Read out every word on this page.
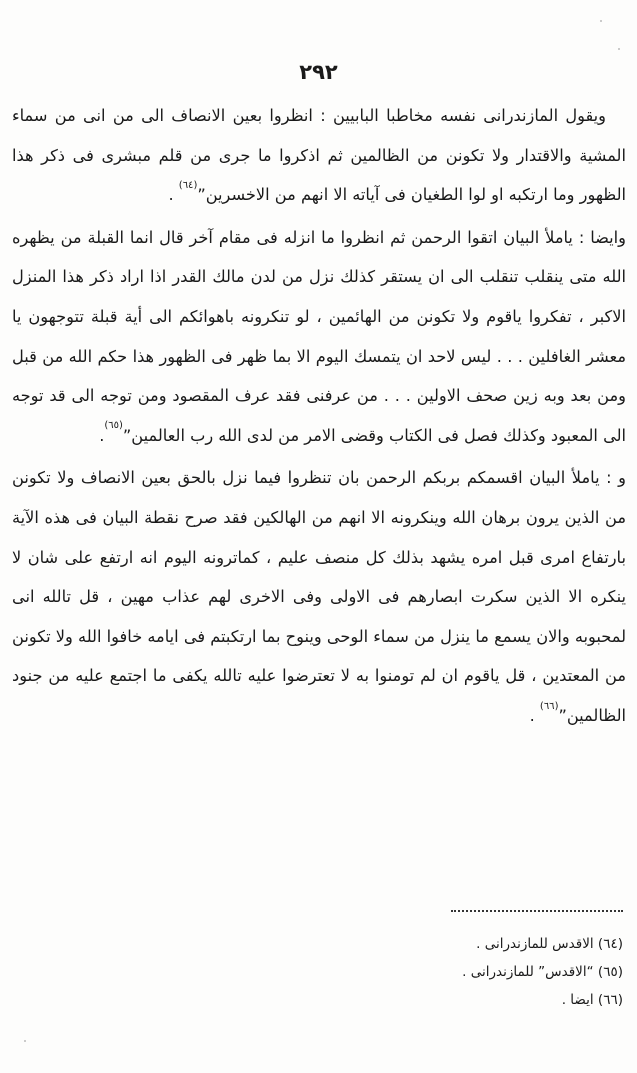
٢٩٢

ويقول المازندرانى نفسه مخاطبا البابيين : انظروا بعين الانصاف الى من انى من سماء المشية والاقتدار ولا تكونن من الظالمين ثم اذكروا ما جرى من قلم مبشرى فى ذكر هذا الظهور وما ارتكبه او لوا الطغيان فى آياته الا انهم من الاخسرين”$^{(٦٤)}$ .

وايضا : ياملأ البيان اتقوا الرحمن ثم انظروا ما انزله فى مقام آخر قال انما القبلة من يظهره الله متى ينقلب تنقلب الى ان يستقر كذلك نزل من لدن مالك القدر اذا اراد ذكر هذا المنزل الاكبر ، تفكروا ياقوم ولا تكونن من الهائمين ، لو تنكرونه باهوائكم الى أية قبلة تتوجهون يا معشر الغافلين . . . ليس لاحد ان يتمسك اليوم الا بما ظهر فى الظهور هذا حكم الله من قبل ومن بعد وبه زين صحف الاولين . . . من عرفنى فقد عرف المقصود ومن توجه الى قد توجه الى المعبود وكذلك فصل فى الكتاب وقضى الامر من لدى الله رب العالمين”$^{(٦٥)}$.

و : ياملأ البيان اقسمكم بربكم الرحمن بان تنظروا فيما نزل بالحق بعين الانصاف ولا تكونن من الذين يرون برهان الله وينكرونه الا انهم من الهالكين فقد صرح نقطة البيان فى هذه الآية بارتفاع امرى قبل امره يشهد بذلك كل منصف عليم ، كماترونه اليوم انه ارتفع على شان لا ينكره الا الذين سكرت ابصارهم فى الاولى وفى الاخرى لهم عذاب مهين ، قل تالله انى لمحبوبه والان يسمع ما ينزل من سماء الوحى وينوح بما ارتكبتم فى ايامه خافوا الله ولا تكونن من المعتدين ، قل ياقوم ان لم تومنوا به لا تعترضوا عليه تالله يكفى ما اجتمع عليه من جنود الظالمين”$^{(٦٦)}$ .

(٦٤) الاقدس للمازندرانى .
(٦٥) “الاقدس” للمازندرانى .
(٦٦) ايضا .
